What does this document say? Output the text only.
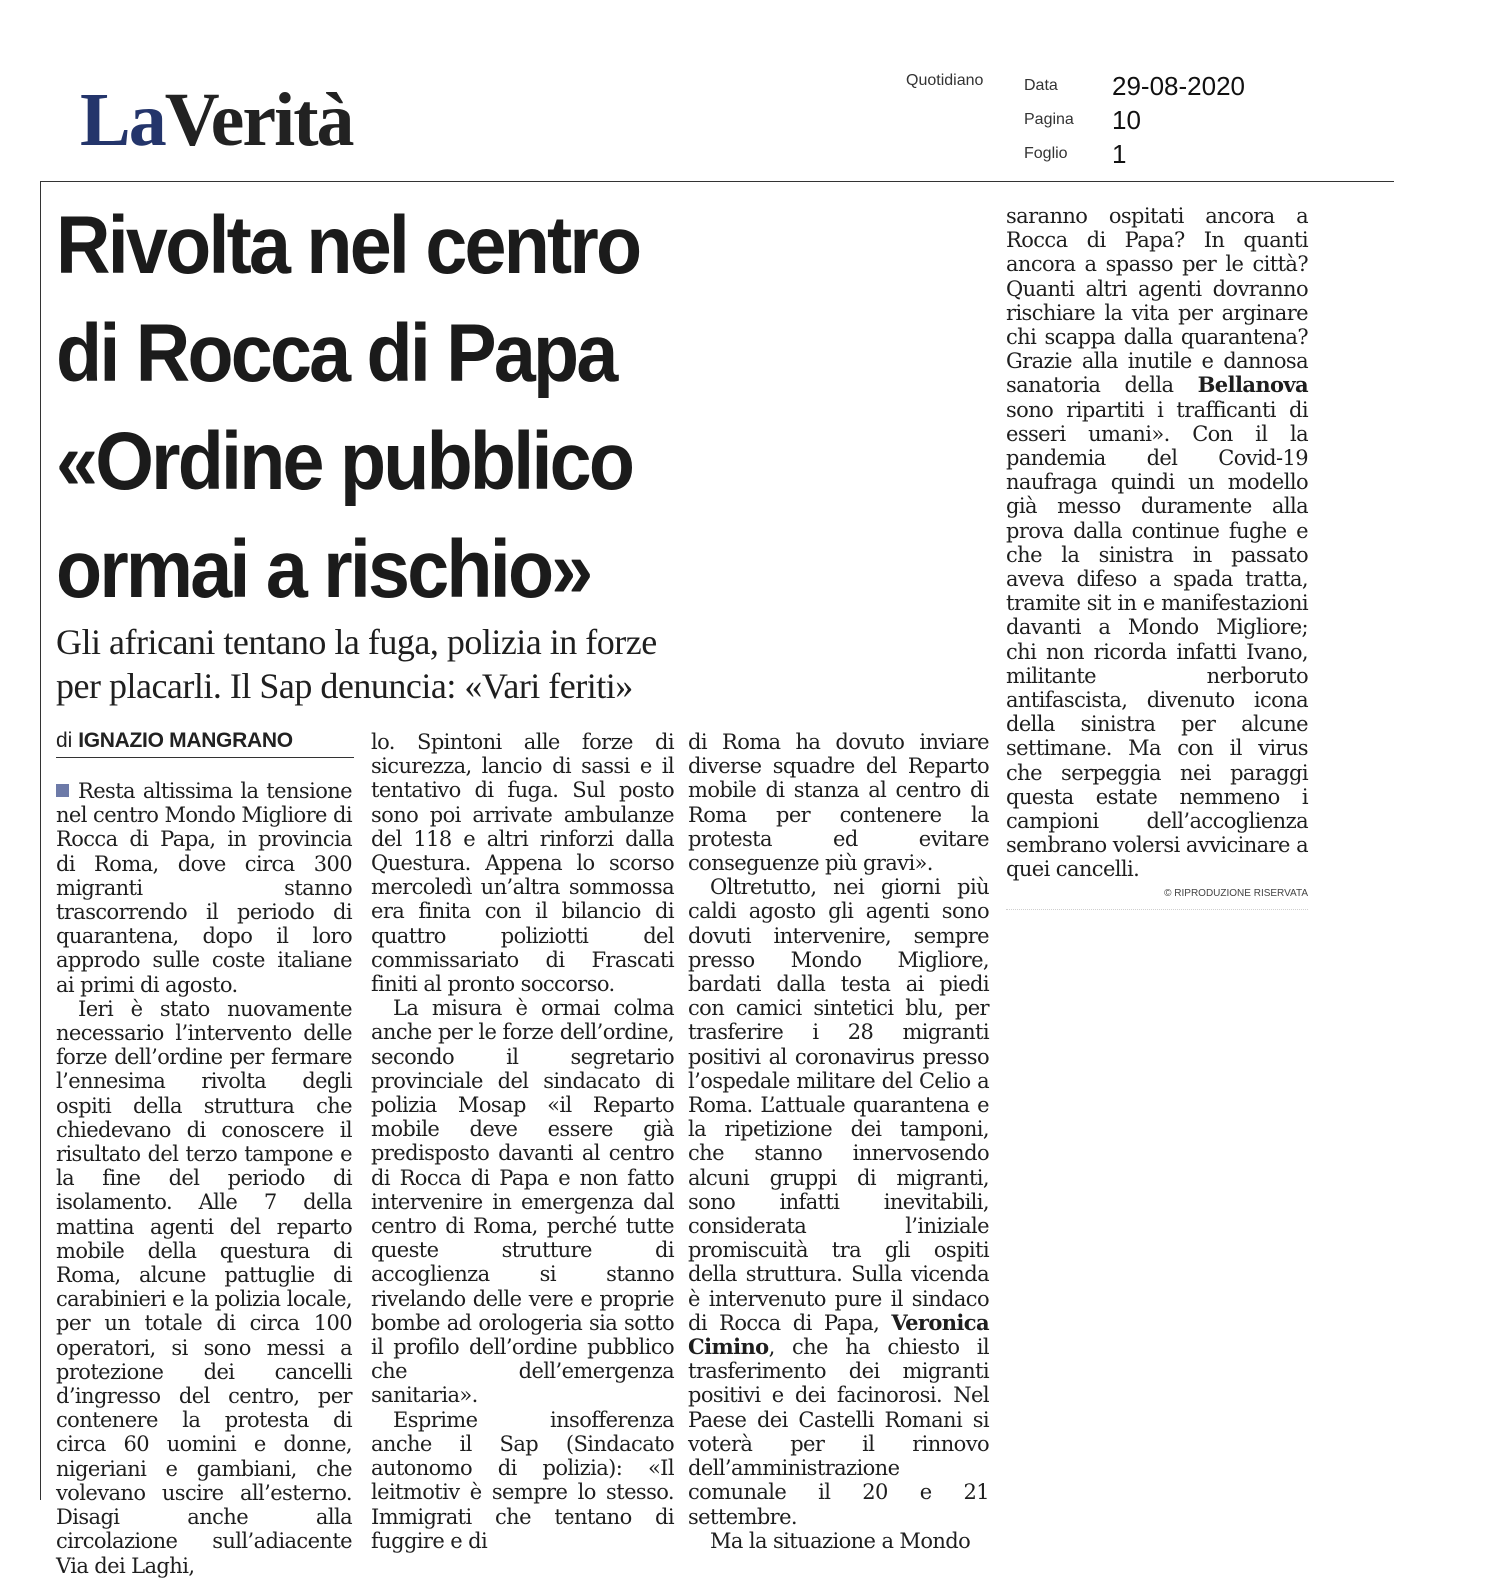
LaVerità	Quotidiano	Data	29-08-2020
Pagina	10
Foglio	1
Rivolta nel centro
di Rocca di Papa
«Ordine pubblico
ormai a rischio»
Gli africani tentano la fuga, polizia in forze
per placarli. Il Sap denuncia: «Vari feriti»
di IGNAZIO MANGRANO

Resta altissima la tensione nel centro Mondo Migliore di Rocca di Papa, in provincia di Roma, dove circa 300 migranti stanno trascorrendo il periodo di quarantena, dopo il loro approdo sulle coste italiane ai primi di agosto.

Ieri è stato nuovamente necessario l’intervento delle forze dell’ordine per fermare l’ennesima rivolta degli ospiti della struttura che chiedevano di conoscere il risultato del terzo tampone e la fine del periodo di isolamento. Alle 7 della mattina agenti del reparto mobile della questura di Roma, alcune pattuglie di carabinieri e la polizia locale, per un totale di circa 100 operatori, si sono messi a protezione dei cancelli d’ingresso del centro, per contenere la protesta di circa 60 uomini e donne, nigeriani e gambiani, che volevano uscire all’esterno. Disagi anche alla circolazione sull’adiacente Via dei Laghi,

lo. Spintoni alle forze di sicurezza, lancio di sassi e il tentativo di fuga. Sul posto sono poi arrivate ambulanze del 118 e altri rinforzi dalla Questura. Appena lo scorso mercoledì un’altra sommossa era finita con il bilancio di quattro poliziotti del commissariato di Frascati finiti al pronto soccorso.

La misura è ormai colma anche per le forze dell’ordine, secondo il segretario provinciale del sindacato di polizia Mosap «il Reparto mobile deve essere già predisposto davanti al centro di Rocca di Papa e non fatto intervenire in emergenza dal centro di Roma, perché tutte queste strutture di accoglienza si stanno rivelando delle vere e proprie bombe ad orologeria sia sotto il profilo dell’ordine pubblico che dell’emergenza sanitaria».

Esprime insofferenza anche il Sap (Sindacato autonomo di polizia): «Il leitmotiv è sempre lo stesso. Immigrati che tentano di fuggire e di

di Roma ha dovuto inviare diverse squadre del Reparto mobile di stanza al centro di Roma per contenere la protesta ed evitare conseguenze più gravi».

Oltretutto, nei giorni più caldi agosto gli agenti sono dovuti intervenire, sempre presso Mondo Migliore, bardati dalla testa ai piedi con camici sintetici blu, per trasferire i 28 migranti positivi al coronavirus presso l’ospedale militare del Celio a Roma. L’attuale quarantena e la ripetizione dei tamponi, che stanno innervosendo alcuni gruppi di migranti, sono infatti inevitabili, considerata l’iniziale promiscuità tra gli ospiti della struttura. Sulla vicenda è intervenuto pure il sindaco di Rocca di Papa, Veronica Cimino, che ha chiesto il trasferimento dei migranti positivi e dei facinorosi. Nel Paese dei Castelli Romani si voterà per il rinnovo dell’amministrazione comunale il 20 e 21 settembre.

Ma la situazione a Mondo

saranno ospitati ancora a Rocca di Papa? In quanti ancora a spasso per le città? Quanti altri agenti dovranno rischiare la vita per arginare chi scappa dalla quarantena? Grazie alla inutile e dannosa sanatoria della Bellanova sono ripartiti i trafficanti di esseri umani». Con il la pandemia del Covid-19 naufraga quindi un modello già messo duramente alla prova dalla continue fughe e che la sinistra in passato aveva difeso a spada tratta, tramite sit in e manifestazioni davanti a Mondo Migliore; chi non ricorda infatti Ivano, militante nerboruto antifascista, divenuto icona della sinistra per alcune settimane. Ma con il virus che serpeggia nei paraggi questa estate nemmeno i campioni dell’accoglienza sembrano volersi avvicinare a quei cancelli.

© RIPRODUZIONE RISERVATA
